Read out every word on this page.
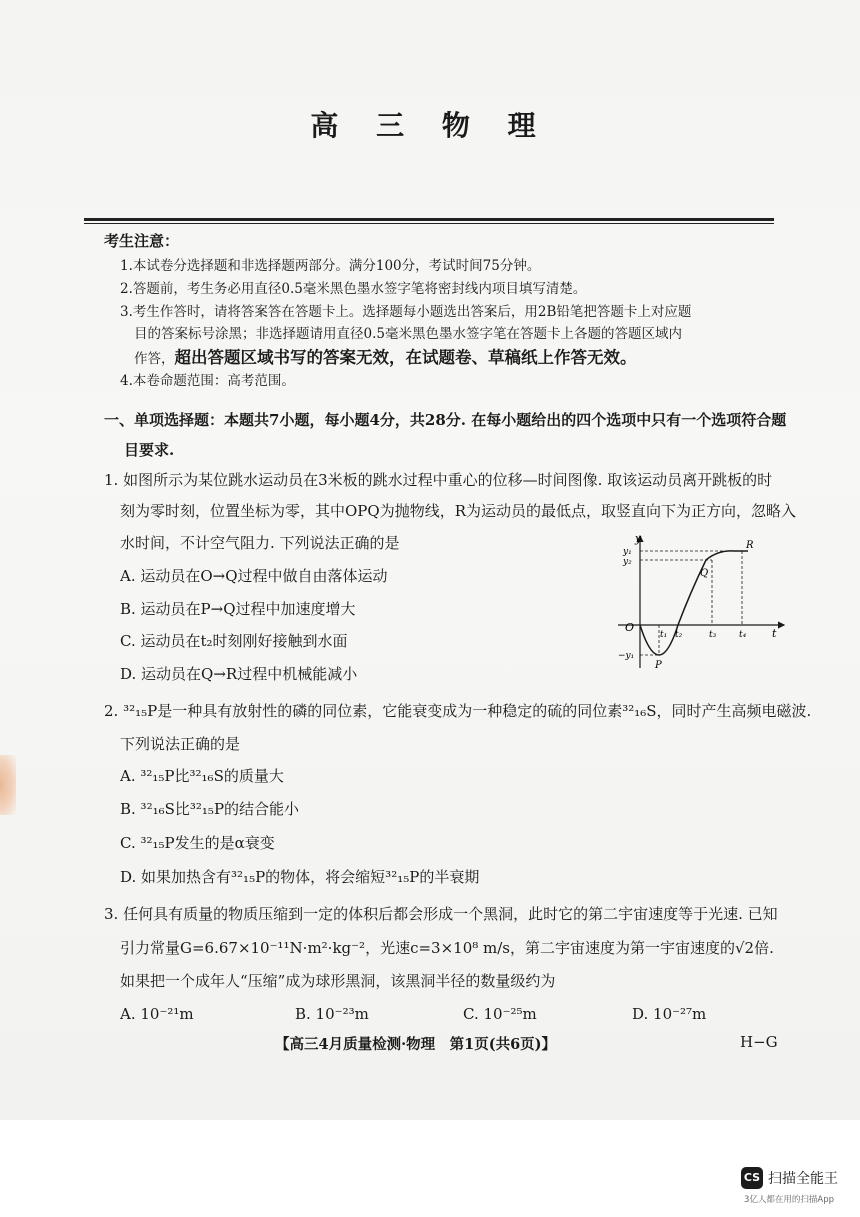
高 三 物 理
考生注意：
1.本试卷分选择题和非选择题两部分。满分100分，考试时间75分钟。
2.答题前，考生务必用直径0.5毫米黑色墨水签字笔将密封线内项目填写清楚。
3.考生作答时，请将答案答在答题卡上。选择题每小题选出答案后，用2B铅笔把答题卡上对应题
目的答案标号涂黑；非选择题请用直径0.5毫米黑色墨水签字笔在答题卡上各题的答题区域内
作答，超出答题区域书写的答案无效，在试题卷、草稿纸上作答无效。
4.本卷命题范围：高考范围。
一、单项选择题：本题共7小题，每小题4分，共28分. 在每小题给出的四个选项中只有一个选项符合题
目要求.
1. 如图所示为某位跳水运动员在3米板的跳水过程中重心的位移—时间图像. 取该运动员离开跳板的时
刻为零时刻，位置坐标为零，其中OPQ为抛物线，R为运动员的最低点，取竖直向下为正方向，忽略入
水时间，不计空气阻力. 下列说法正确的是
A. 运动员在O→Q过程中做自由落体运动
B. 运动员在P→Q过程中加速度增大
C. 运动员在t₂时刻刚好接触到水面
D. 运动员在Q→R过程中机械能减小
y
t
O
y₁
y₂
−y₁
P
Q
R
t₁ t₂	t₃	t₄
2. ³²₁₅P是一种具有放射性的磷的同位素，它能衰变成为一种稳定的硫的同位素³²₁₆S，同时产生高频电磁波.
下列说法正确的是
A. ³²₁₅P比³²₁₆S的质量大
B. ³²₁₆S比³²₁₅P的结合能小
C. ³²₁₅P发生的是α衰变
D. 如果加热含有³²₁₅P的物体，将会缩短³²₁₅P的半衰期
3. 任何具有质量的物质压缩到一定的体积后都会形成一个黑洞，此时它的第二宇宙速度等于光速. 已知
引力常量G=6.67×10⁻¹¹N·m²·kg⁻²，光速c=3×10⁸ m/s，第二宇宙速度为第一宇宙速度的√2倍.
如果把一个成年人“压缩”成为球形黑洞，该黑洞半径的数量级约为
A. 10⁻²¹m	B. 10⁻²³m	C. 10⁻²⁵m	D. 10⁻²⁷m
【高三4月质量检测·物理　第1页(共6页)】	H−G
CS 扫描全能王
3亿人都在用的扫描App
